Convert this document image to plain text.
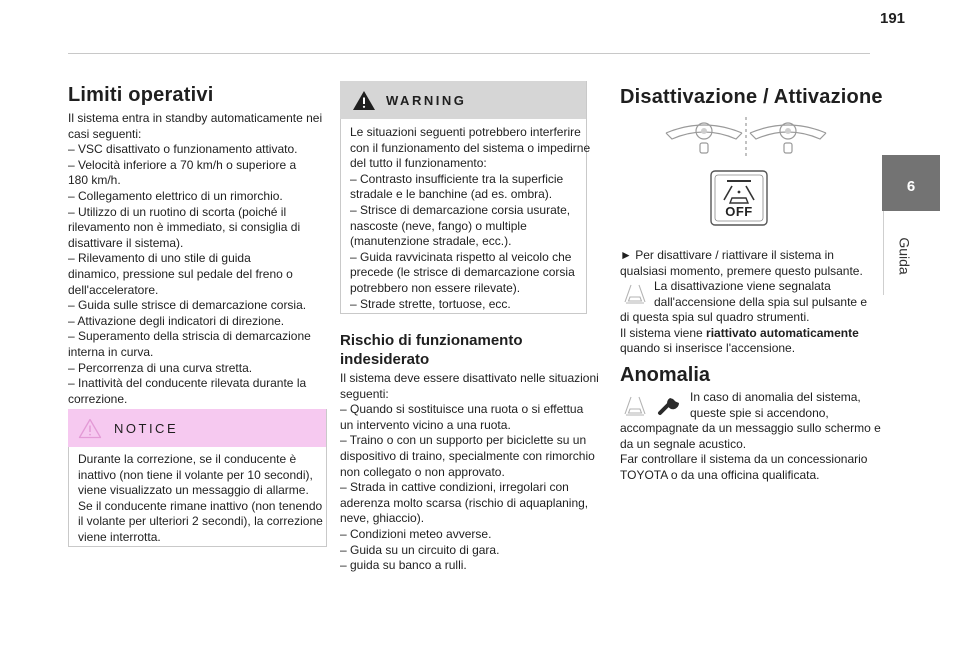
191
6
Guida
Limiti operativi
Il sistema entra in standby automaticamente nei
casi seguenti:
– VSC disattivato o funzionamento attivato.
– Velocità inferiore a 70 km/h o superiore a
180 km/h.
– Collegamento elettrico di un rimorchio.
– Utilizzo di un ruotino di scorta (poiché il
rilevamento non è immediato, si consiglia di
disattivare il sistema).
– Rilevamento di uno stile di guida
dinamico, pressione sul pedale del freno o
dell'acceleratore.
– Guida sulle strisce di demarcazione corsia.
– Attivazione degli indicatori di direzione.
– Superamento della striscia di demarcazione
interna in curva.
– Percorrenza di una curva stretta.
– Inattività del conducente rilevata durante la
correzione.
NOTICE
Durante la correzione, se il conducente è
inattivo (non tiene il volante per 10 secondi),
viene visualizzato un messaggio di allarme.
Se il conducente rimane inattivo (non tenendo
il volante per ulteriori 2 secondi), la correzione
viene interrotta.
WARNING
Le situazioni seguenti potrebbero interferire
con il funzionamento del sistema o impedirne
del tutto il funzionamento:
– Contrasto insufficiente tra la superficie
stradale e le banchine (ad es. ombra).
– Strisce di demarcazione corsia usurate,
nascoste (neve, fango) o multiple
(manutenzione stradale, ecc.).
– Guida ravvicinata rispetto al veicolo che
precede (le strisce di demarcazione corsia
potrebbero non essere rilevate).
– Strade strette, tortuose, ecc.
Rischio di funzionamento
indesiderato
Il sistema deve essere disattivato nelle situazioni
seguenti:
– Quando si sostituisce una ruota o si effettua
un intervento vicino a una ruota.
– Traino o con un supporto per biciclette su un
dispositivo di traino, specialmente con rimorchio
non collegato o non approvato.
– Strada in cattive condizioni, irregolari con
aderenza molto scarsa (rischio di aquaplaning,
neve, ghiaccio).
– Condizioni meteo avverse.
– Guida su un circuito di gara.
– guida su banco a rulli.
Disattivazione / Attivazione
OFF
► Per disattivare / riattivare il sistema in
qualsiasi momento, premere questo pulsante.
La disattivazione viene segnalata
dall'accensione della spia sul pulsante e
di questa spia sul quadro strumenti.
Il sistema viene riattivato automaticamente
quando si inserisce l'accensione.
Anomalia
In caso di anomalia del sistema,
queste spie si accendono,
accompagnate da un messaggio sullo schermo e
da un segnale acustico.
Far controllare il sistema da un concessionario
TOYOTA o da una officina qualificata.
